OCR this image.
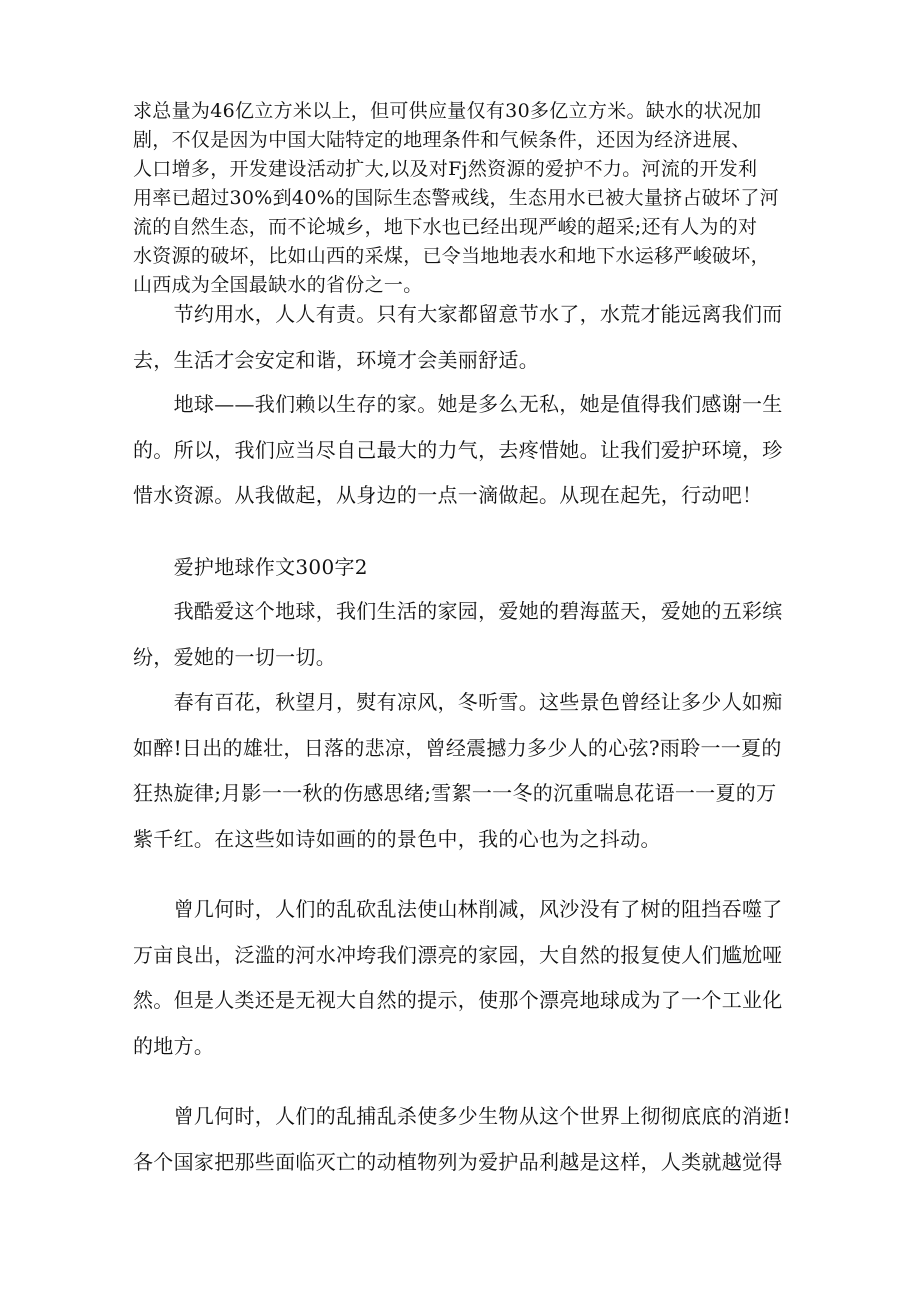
求总量为46亿立方米以上，但可供应量仅有30多亿立方米。缺水的状况加
剧，不仅是因为中国大陆特定的地理条件和气候条件，还因为经济进展、
人口增多，开发建设活动扩大,以及对Fj然资源的爱护不力。河流的开发利
用率已超过30%到40%的国际生态警戒线，生态用水已被大量挤占破坏了河
流的自然生态，而不论城乡，地下水也已经出现严峻的超采;还有人为的对
水资源的破坏，比如山西的采煤，已令当地地表水和地下水运移严峻破坏，
山西成为全国最缺水的省份之一。
　　节约用水，人人有责。只有大家都留意节水了，水荒才能远离我们而
去，生活才会安定和谐，环境才会美丽舒适。
　　地球——我们赖以生存的家。她是多么无私，她是值得我们感谢一生
的。所以，我们应当尽自己最大的力气，去疼惜她。让我们爱护环境，珍
惜水资源。从我做起，从身边的一点一滴做起。从现在起先，行动吧！
　　爱护地球作文300字2
　　我酷爱这个地球，我们生活的家园，爱她的碧海蓝天，爱她的五彩缤
纷，爱她的一切一切。
　　春有百花，秋望月，熨有凉风，冬听雪。这些景色曾经让多少人如痴
如醉!日出的雄壮，日落的悲凉，曾经震撼力多少人的心弦?雨聆一一夏的
狂热旋律;月影一一秋的伤感思绪;雪絮一一冬的沉重喘息花语一一夏的万
紫千红。在这些如诗如画的的景色中，我的心也为之抖动。
　　曾几何时，人们的乱砍乱法使山林削减，风沙没有了树的阻挡吞噬了
万亩良出，泛滥的河水冲垮我们漂亮的家园，大自然的报复使人们尴尬哑
然。但是人类还是无视大自然的提示，使那个漂亮地球成为了一个工业化
的地方。
　　曾几何时，人们的乱捕乱杀使多少生物从这个世界上彻彻底底的消逝!
各个国家把那些面临灭亡的动植物列为爱护品利越是这样，人类就越觉得
